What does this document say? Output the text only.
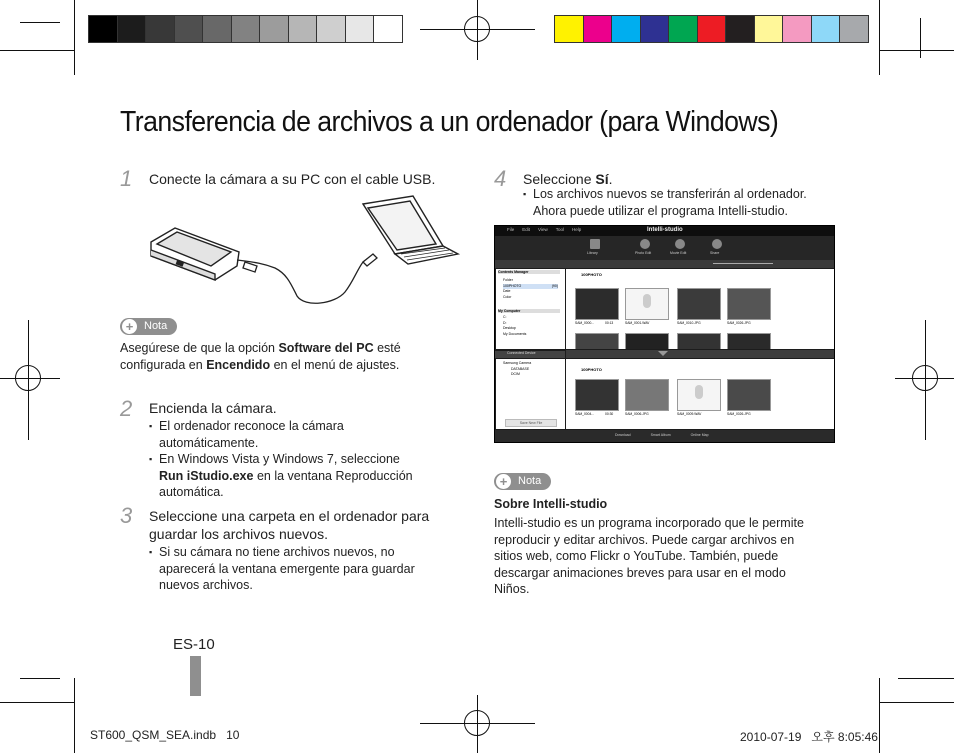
Transferencia de archivos a un ordenador (para Windows)
1 Conecte la cámara a su PC con el cable USB.
+ Nota
Asegúrese de que la opción Software del PC esté configurada en Encendido en el menú de ajustes.
2 Encienda la cámara.
▪ El ordenador reconoce la cámara automáticamente.
▪ En Windows Vista y Windows 7, seleccione
Run iStudio.exe en la ventana Reproducción automática.
3 Seleccione una carpeta en el ordenador para guardar los archivos nuevos.
▪ Si su cámara no tiene archivos nuevos, no aparecerá la ventana emergente para guardar nuevos archivos.
ES-10
4 Seleccione Sí.
▪ Los archivos nuevos se transferirán al ordenador. Ahora puede utilizar el programa Intelli-studio.
File Edit View Tool Help	Intelli-studio
Library	Photo Edit	Movie Edit	Share
Contents Manager
Folder
100PHOTO	(90)
Date
Color
My Computer
C:
D:
Desktop
My Documents
Connected Device
Samsung Camera
DATABASE
DCIM
Save New File
100PHOTO
100PHOTO
SAM_0000...	00:13	SAM_0001.WAV	SAM_0010.JPG	SAM_0026.JPG
SAM_0004...	00:30	SAM_0006.JPG	SAM_0009.WAV	SAM_0026.JPG
Download	Smart Album	Online Map
+ Nota
Sobre Intelli-studio
Intelli-studio es un programa incorporado que le permite reproducir y editar archivos. Puede cargar archivos en sitios web, como Flickr o YouTube. También, puede descargar animaciones breves para usar en el modo Niños.
ST600_QSM_SEA.indb   10	2010-07-19   오후 8:05:46
